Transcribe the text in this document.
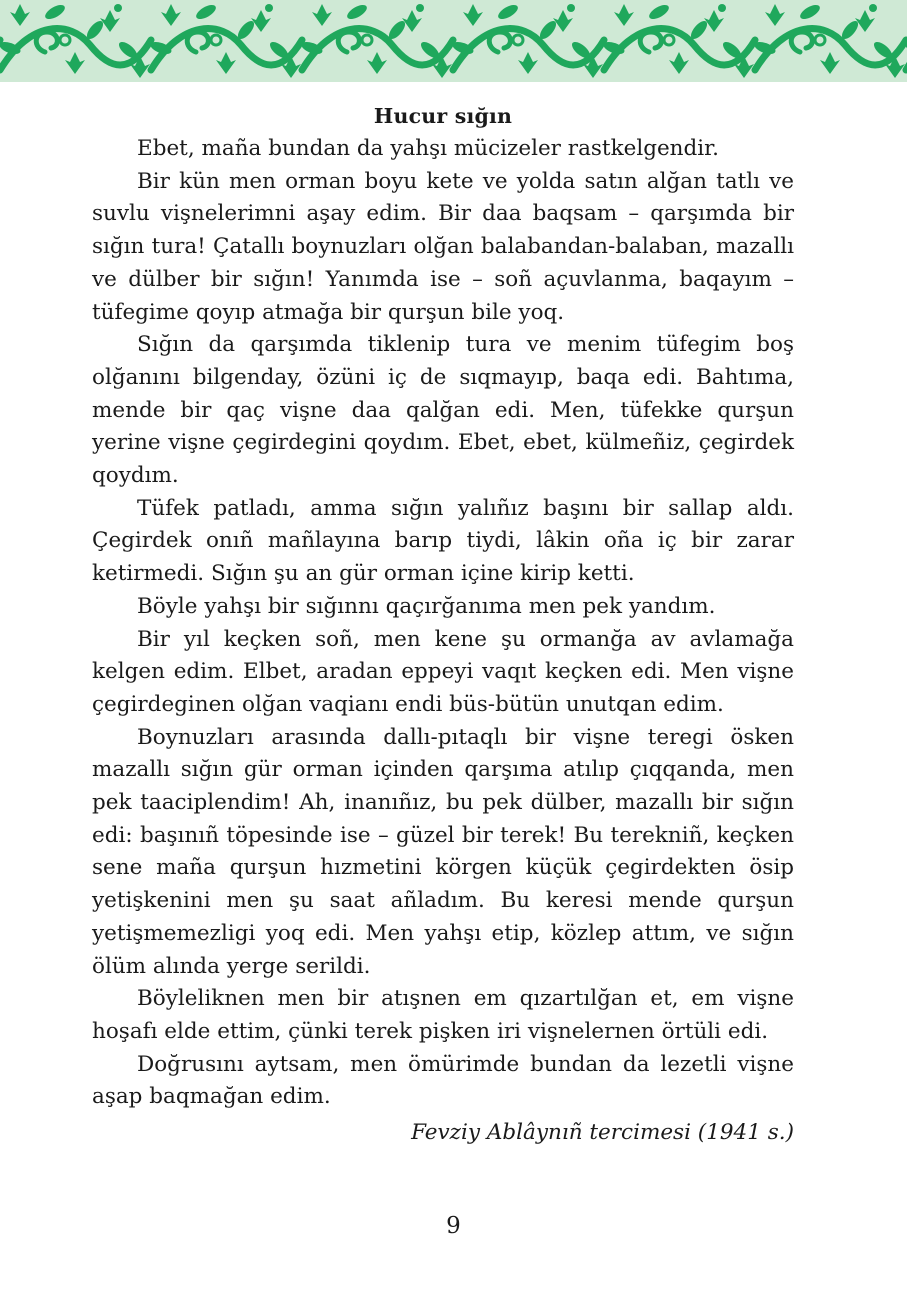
Hucur sığın

Ebet, maña bundan da yahşı mücizeler rastkelgendir.

Bir kün men orman boyu kete ve yolda satın alğan tatlı ve suvlu vişnelerimni aşay edim. Bir daa baqsam – qarşımda bir sığın tura! Çatallı boynuzları olğan balabandan-balaban, mazallı ve dülber bir sığın! Yanımda ise – soñ açuvlanma, baqayım – tüfegime qoyıp atmağa bir qurşun bile yoq.

Sığın da qarşımda tiklenip tura ve menim tüfegim boş olğanını bilgenday, özüni iç de sıqmayıp, baqa edi. Bahtıma, mende bir qaç vişne daa qalğan edi. Men, tüfekke qurşun yerine vişne çegirdegini qoydım. Ebet, ebet, külmeñiz, çegirdek qoydım.

Tüfek patladı, amma sığın yalıñız başını bir sallap aldı. Çegirdek onıñ mañlayına barıp tiydi, lâkin oña iç bir zarar ketirmedi. Sığın şu an gür orman içine kirip ketti.

Böyle yahşı bir sığınnı qaçırğanıma men pek yandım.

Bir yıl keçken soñ, men kene şu ormanğa av avlamağa kelgen edim. Elbet, aradan eppeyi vaqıt keçken edi. Men vişne çegirdeginen olğan vaqianı endi büs-bütün unutqan edim.

Boynuzları arasında dallı-pıtaqlı bir vişne teregi ösken mazallı sığın gür orman içinden qarşıma atılıp çıqqanda, men pek taaciplendim! Ah, inanıñız, bu pek dülber, mazallı bir sığın edi: başınıñ töpesinde ise – güzel bir terek! Bu terekniñ, keçken sene maña qurşun hızmetini körgen küçük çegirdekten ösip yetişkenini men şu saat añladım. Bu keresi mende qurşun yetişmemezligi yoq edi. Men yahşı etip, közlep attım, ve sığın ölüm alında yerge serildi.

Böyleliknen men bir atışnen em qızartılğan et, em vişne hoşafı elde ettim, çünki terek pişken iri vişnelernen örtüli edi.

Doğrusını aytsam, men ömürimde bundan da lezetli vişne aşap baqmağan edim.

Fevziy Ablâynıñ tercimesi (1941 s.)

9
